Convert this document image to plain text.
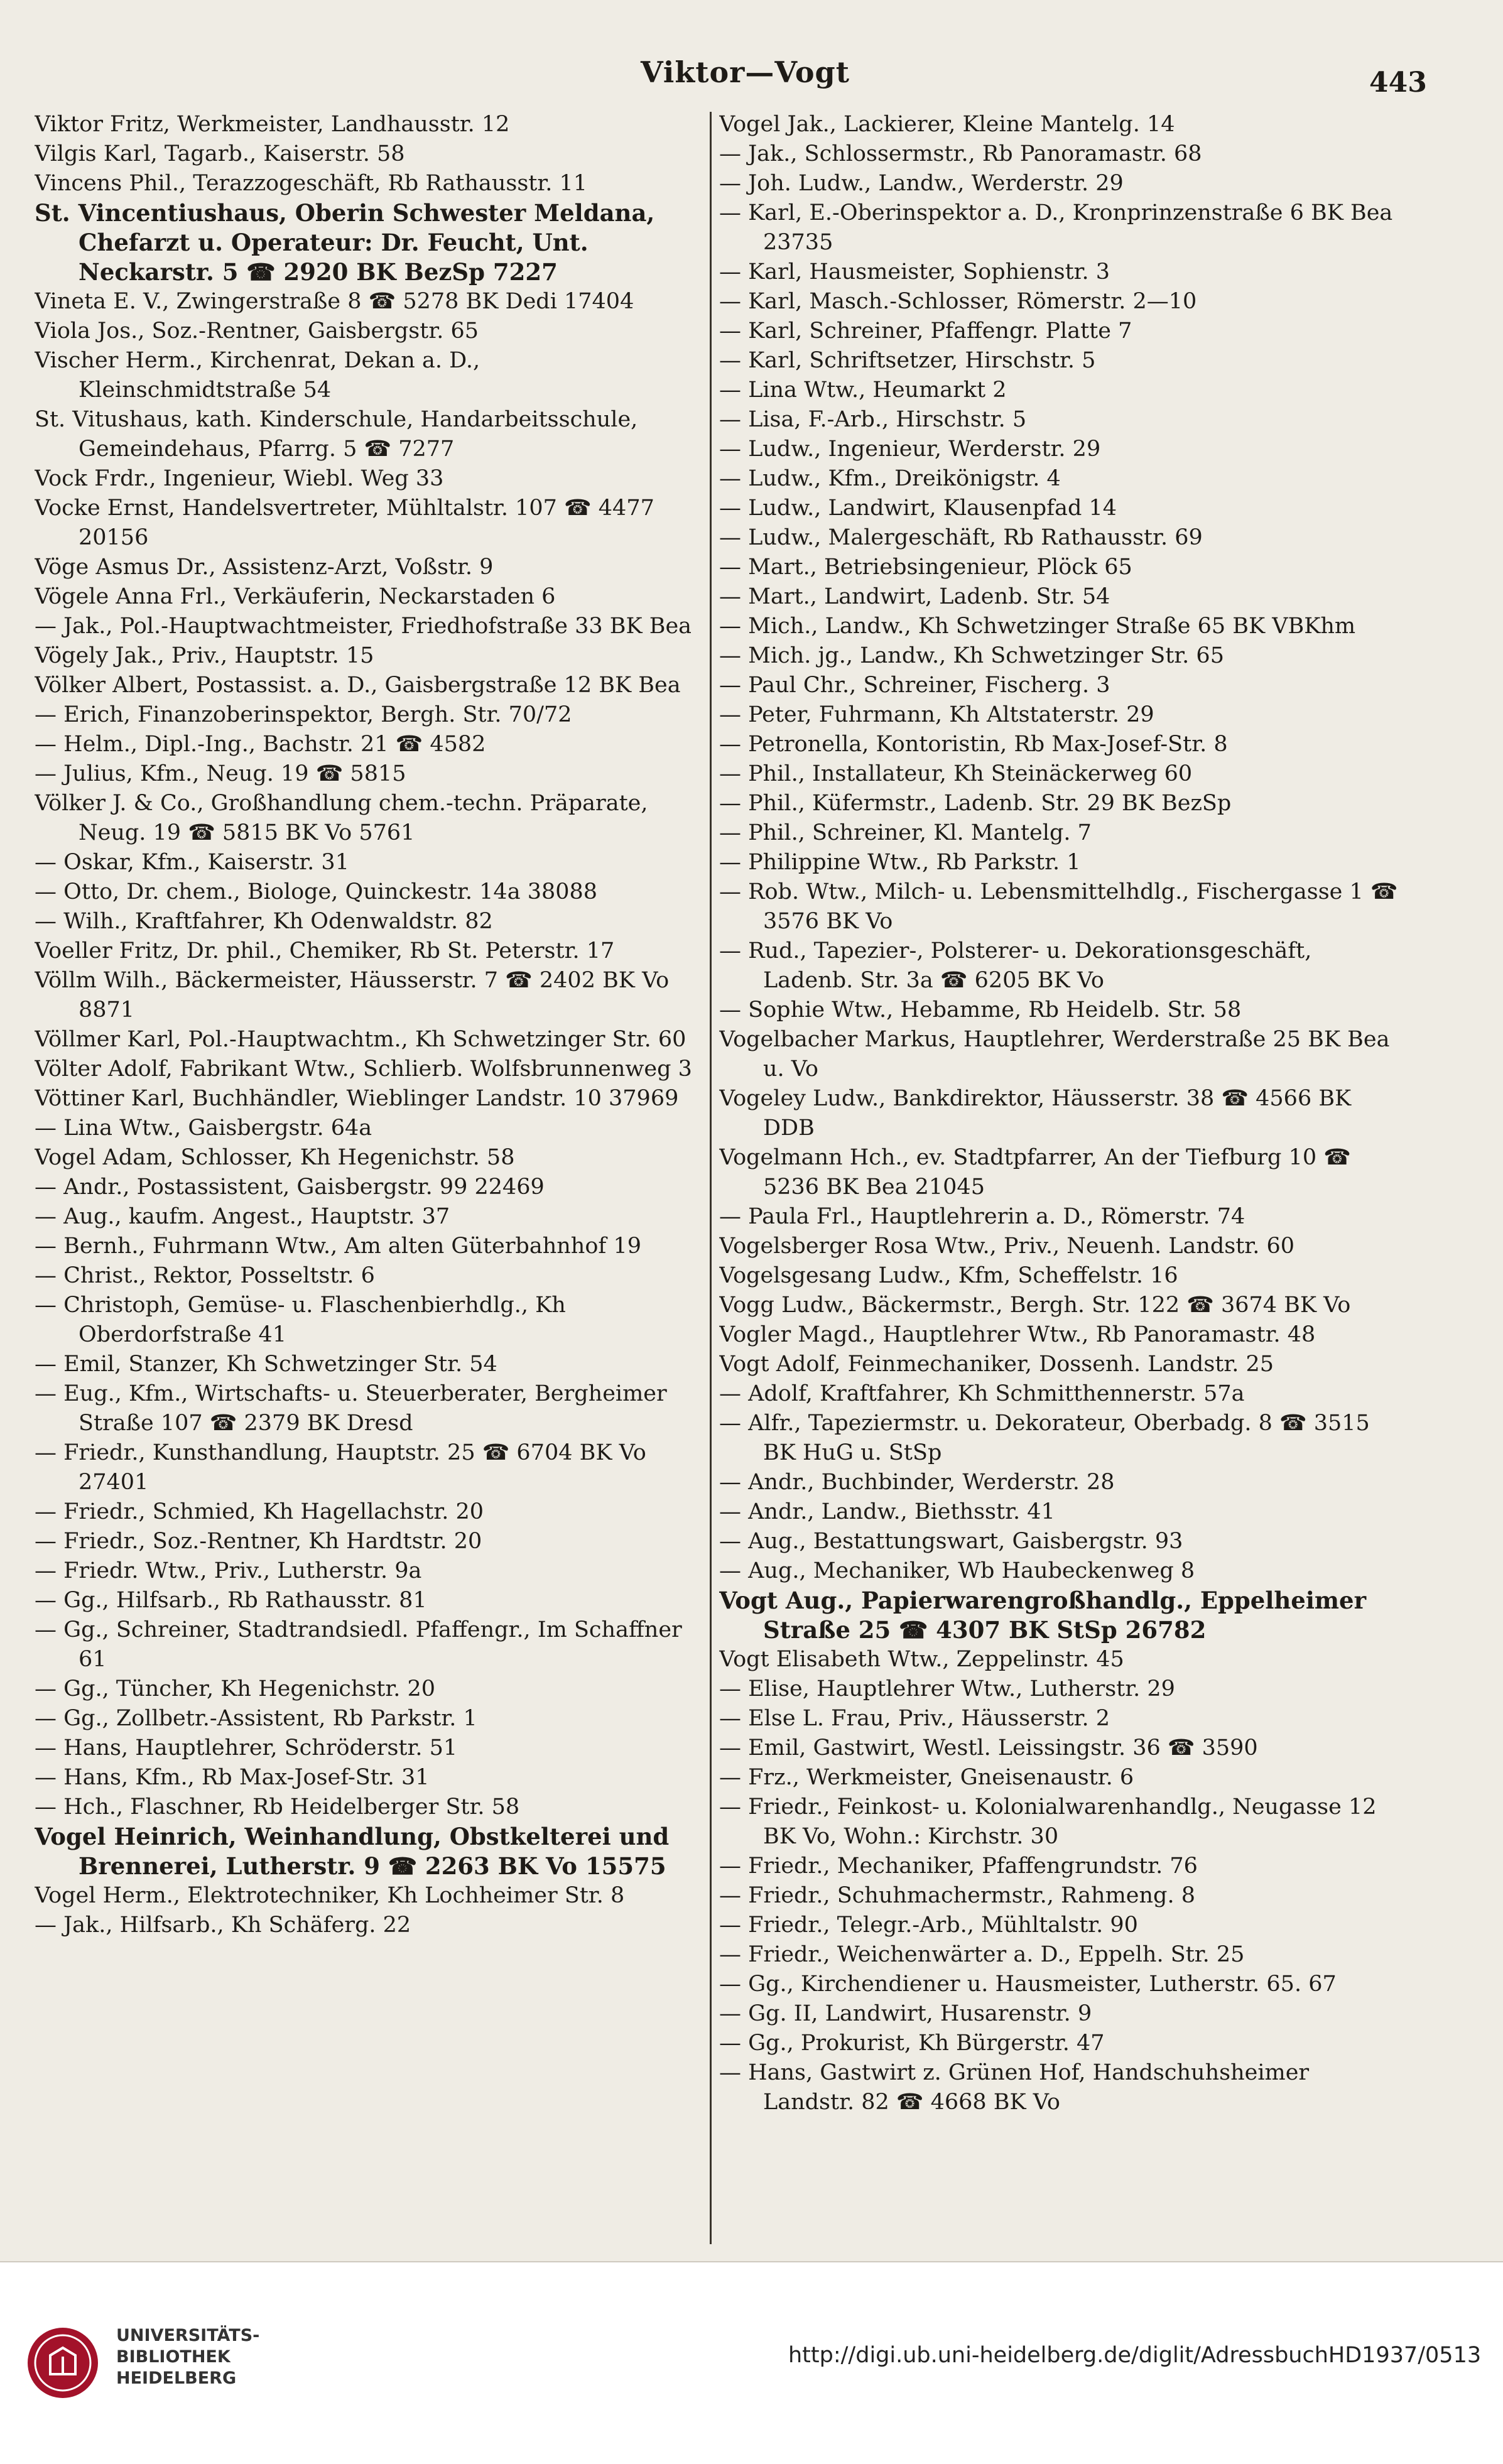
Viktor—Vogt	443

Viktor Fritz, Werkmeister, Landhausstr. 12

Vilgis Karl, Tagarb., Kaiserstr. 58

Vincens Phil., Terazzogeschäft, Rb Rathausstr. 11

St. Vincentiushaus, Oberin Schwester Meldana, Chefarzt u. Operateur: Dr. Feucht, Unt. Neckarstr. 5 ☎ 2920 BK BezSp 7227

Vineta E. V., Zwingerstraße 8 ☎ 5278 BK Dedi 17404

Viola Jos., Soz.-Rentner, Gaisbergstr. 65

Vischer Herm., Kirchenrat, Dekan a. D., Kleinschmidtstraße 54

St. Vitushaus, kath. Kinderschule, Handarbeitsschule, Gemeindehaus, Pfarrg. 5 ☎ 7277

Vock Frdr., Ingenieur, Wiebl. Weg 33

Vocke Ernst, Handelsvertreter, Mühltalstr. 107 ☎ 4477 20156

Vöge Asmus Dr., Assistenz-Arzt, Voßstr. 9

Vögele Anna Frl., Verkäuferin, Neckarstaden 6

— Jak., Pol.-Hauptwachtmeister, Friedhofstraße 33 BK Bea

Vögely Jak., Priv., Hauptstr. 15

Völker Albert, Postassist. a. D., Gaisbergstraße 12 BK Bea

— Erich, Finanzoberinspektor, Bergh. Str. 70/72

— Helm., Dipl.-Ing., Bachstr. 21 ☎ 4582

— Julius, Kfm., Neug. 19 ☎ 5815

Völker J. & Co., Großhandlung chem.-techn. Präparate, Neug. 19 ☎ 5815 BK Vo 5761

— Oskar, Kfm., Kaiserstr. 31

— Otto, Dr. chem., Biologe, Quinckestr. 14a 38088

— Wilh., Kraftfahrer, Kh Odenwaldstr. 82

Voeller Fritz, Dr. phil., Chemiker, Rb St. Peterstr. 17

Völlm Wilh., Bäckermeister, Häusserstr. 7 ☎ 2402 BK Vo 8871

Völlmer Karl, Pol.-Hauptwachtm., Kh Schwetzinger Str. 60

Völter Adolf, Fabrikant Wtw., Schlierb. Wolfsbrunnenweg 3

Vöttiner Karl, Buchhändler, Wieblinger Landstr. 10 37969

— Lina Wtw., Gaisbergstr. 64a

Vogel Adam, Schlosser, Kh Hegenichstr. 58

— Andr., Postassistent, Gaisbergstr. 99 22469

— Aug., kaufm. Angest., Hauptstr. 37

— Bernh., Fuhrmann Wtw., Am alten Güterbahnhof 19

— Christ., Rektor, Posseltstr. 6

— Christoph, Gemüse- u. Flaschenbierhdlg., Kh Oberdorfstraße 41

— Emil, Stanzer, Kh Schwetzinger Str. 54

— Eug., Kfm., Wirtschafts- u. Steuerberater, Bergheimer Straße 107 ☎ 2379 BK Dresd

— Friedr., Kunsthandlung, Hauptstr. 25 ☎ 6704 BK Vo 27401

— Friedr., Schmied, Kh Hagellachstr. 20

— Friedr., Soz.-Rentner, Kh Hardtstr. 20

— Friedr. Wtw., Priv., Lutherstr. 9a

— Gg., Hilfsarb., Rb Rathausstr. 81

— Gg., Schreiner, Stadtrandsiedl. Pfaffengr., Im Schaffner 61

— Gg., Tüncher, Kh Hegenichstr. 20

— Gg., Zollbetr.-Assistent, Rb Parkstr. 1

— Hans, Hauptlehrer, Schröderstr. 51

— Hans, Kfm., Rb Max-Josef-Str. 31

— Hch., Flaschner, Rb Heidelberger Str. 58

Vogel Heinrich, Weinhandlung, Obstkelterei und Brennerei, Lutherstr. 9 ☎ 2263 BK Vo 15575

Vogel Herm., Elektrotechniker, Kh Lochheimer Str. 8

— Jak., Hilfsarb., Kh Schäferg. 22

Vogel Jak., Lackierer, Kleine Mantelg. 14

— Jak., Schlossermstr., Rb Panoramastr. 68

— Joh. Ludw., Landw., Werderstr. 29

— Karl, E.-Oberinspektor a. D., Kronprinzenstraße 6 BK Bea 23735

— Karl, Hausmeister, Sophienstr. 3

— Karl, Masch.-Schlosser, Römerstr. 2—10

— Karl, Schreiner, Pfaffengr. Platte 7

— Karl, Schriftsetzer, Hirschstr. 5

— Lina Wtw., Heumarkt 2

— Lisa, F.-Arb., Hirschstr. 5

— Ludw., Ingenieur, Werderstr. 29

— Ludw., Kfm., Dreikönigstr. 4

— Ludw., Landwirt, Klausenpfad 14

— Ludw., Malergeschäft, Rb Rathausstr. 69

— Mart., Betriebsingenieur, Plöck 65

— Mart., Landwirt, Ladenb. Str. 54

— Mich., Landw., Kh Schwetzinger Straße 65 BK VBKhm

— Mich. jg., Landw., Kh Schwetzinger Str. 65

— Paul Chr., Schreiner, Fischerg. 3

— Peter, Fuhrmann, Kh Altstaterstr. 29

— Petronella, Kontoristin, Rb Max-Josef-Str. 8

— Phil., Installateur, Kh Steinäckerweg 60

— Phil., Küfermstr., Ladenb. Str. 29 BK BezSp

— Phil., Schreiner, Kl. Mantelg. 7

— Philippine Wtw., Rb Parkstr. 1

— Rob. Wtw., Milch- u. Lebensmittelhdlg., Fischergasse 1 ☎ 3576 BK Vo

— Rud., Tapezier-, Polsterer- u. Dekorationsgeschäft, Ladenb. Str. 3a ☎ 6205 BK Vo

— Sophie Wtw., Hebamme, Rb Heidelb. Str. 58

Vogelbacher Markus, Hauptlehrer, Werderstraße 25 BK Bea u. Vo

Vogeley Ludw., Bankdirektor, Häusserstr. 38 ☎ 4566 BK DDB

Vogelmann Hch., ev. Stadtpfarrer, An der Tiefburg 10 ☎ 5236 BK Bea 21045

— Paula Frl., Hauptlehrerin a. D., Römerstr. 74

Vogelsberger Rosa Wtw., Priv., Neuenh. Landstr. 60

Vogelsgesang Ludw., Kfm, Scheffelstr. 16

Vogg Ludw., Bäckermstr., Bergh. Str. 122 ☎ 3674 BK Vo

Vogler Magd., Hauptlehrer Wtw., Rb Panoramastr. 48

Vogt Adolf, Feinmechaniker, Dossenh. Landstr. 25

— Adolf, Kraftfahrer, Kh Schmitthennerstr. 57a

— Alfr., Tapeziermstr. u. Dekorateur, Oberbadg. 8 ☎ 3515 BK HuG u. StSp

— Andr., Buchbinder, Werderstr. 28

— Andr., Landw., Biethsstr. 41

— Aug., Bestattungswart, Gaisbergstr. 93

— Aug., Mechaniker, Wb Haubeckenweg 8

Vogt Aug., Papierwarengroßhandlg., Eppelheimer Straße 25 ☎ 4307 BK StSp 26782

Vogt Elisabeth Wtw., Zeppelinstr. 45

— Elise, Hauptlehrer Wtw., Lutherstr. 29

— Else L. Frau, Priv., Häusserstr. 2

— Emil, Gastwirt, Westl. Leissingstr. 36 ☎ 3590

— Frz., Werkmeister, Gneisenaustr. 6

— Friedr., Feinkost- u. Kolonialwarenhandlg., Neugasse 12 BK Vo, Wohn.: Kirchstr. 30

— Friedr., Mechaniker, Pfaffengrundstr. 76

— Friedr., Schuhmachermstr., Rahmeng. 8

— Friedr., Telegr.-Arb., Mühltalstr. 90

— Friedr., Weichenwärter a. D., Eppelh. Str. 25

— Gg., Kirchendiener u. Hausmeister, Lutherstr. 65. 67

— Gg. II, Landwirt, Husarenstr. 9

— Gg., Prokurist, Kh Bürgerstr. 47

— Hans, Gastwirt z. Grünen Hof, Handschuhsheimer Landstr. 82 ☎ 4668 BK Vo

UNIVERSITÄTS-
BIBLIOTHEK
HEIDELBERG
http://digi.ub.uni-heidelberg.de/diglit/AdressbuchHD1937/0513
